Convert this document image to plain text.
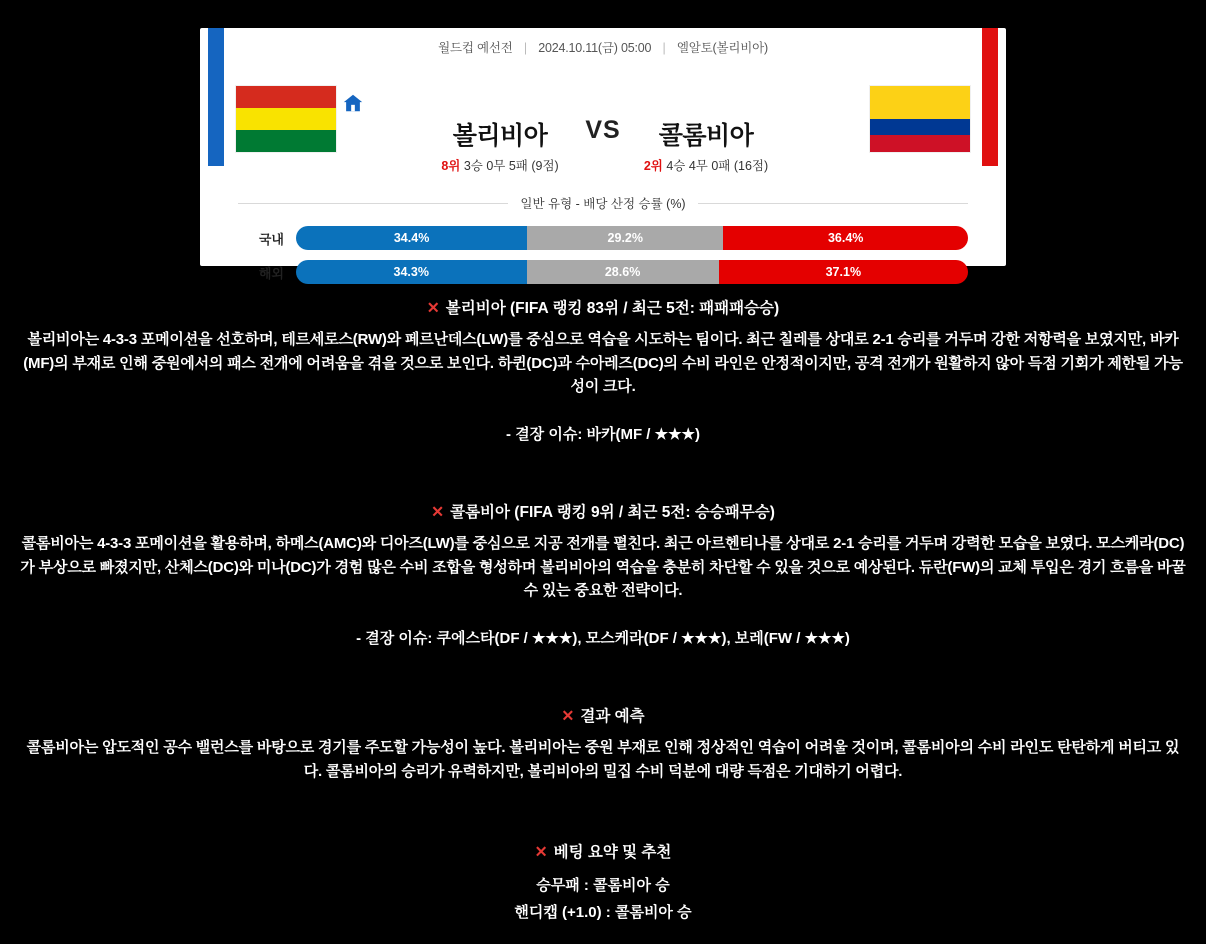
월드컵 예선전 | 2024.10.11(금) 05:00 | 엘알토(볼리비아)
볼리비아	VS	콜롬비아
8위 3승 0무 5패 (9점)	2위 4승 4무 0패 (16점)
일반 유형 - 배당 산정 승률 (%)
국내	34.4%	29.2%	36.4%
해외	34.3%	28.6%	37.1%
✕ 볼리비아 (FIFA 랭킹 83위 / 최근 5전: 패패패승승)
볼리비아는 4-3-3 포메이션을 선호하며, 테르세로스(RW)와 페르난데스(LW)를 중심으로 역습을 시도하는 팀이다. 최근 칠레를 상대로 2-1 승리를 거두며 강한 저항력을 보였지만, 바카(MF)의 부재로 인해 중원에서의 패스 전개에 어려움을 겪을 것으로 보인다. 하퀸(DC)과 수아레즈(DC)의 수비 라인은 안정적이지만, 공격 전개가 원활하지 않아 득점 기회가 제한될 가능성이 크다.
- 결장 이슈: 바카(MF / ★★★)
✕ 콜롬비아 (FIFA 랭킹 9위 / 최근 5전: 승승패무승)
콜롬비아는 4-3-3 포메이션을 활용하며, 하메스(AMC)와 디아즈(LW)를 중심으로 지공 전개를 펼친다. 최근 아르헨티나를 상대로 2-1 승리를 거두며 강력한 모습을 보였다. 모스케라(DC)가 부상으로 빠졌지만, 산체스(DC)와 미나(DC)가 경험 많은 수비 조합을 형성하며 볼리비아의 역습을 충분히 차단할 수 있을 것으로 예상된다. 듀란(FW)의 교체 투입은 경기 흐름을 바꿀 수 있는 중요한 전략이다.
- 결장 이슈: 쿠에스타(DF / ★★★), 모스케라(DF / ★★★), 보레(FW / ★★★)
✕ 결과 예측
콜롬비아는 압도적인 공수 밸런스를 바탕으로 경기를 주도할 가능성이 높다. 볼리비아는 중원 부재로 인해 정상적인 역습이 어려울 것이며, 콜롬비아의 수비 라인도 탄탄하게 버티고 있다. 콜롬비아의 승리가 유력하지만, 볼리비아의 밀집 수비 덕분에 대량 득점은 기대하기 어렵다.
✕ 베팅 요약 및 추천
승무패 : 콜롬비아 승
핸디캡 (+1.0) : 콜롬비아 승
